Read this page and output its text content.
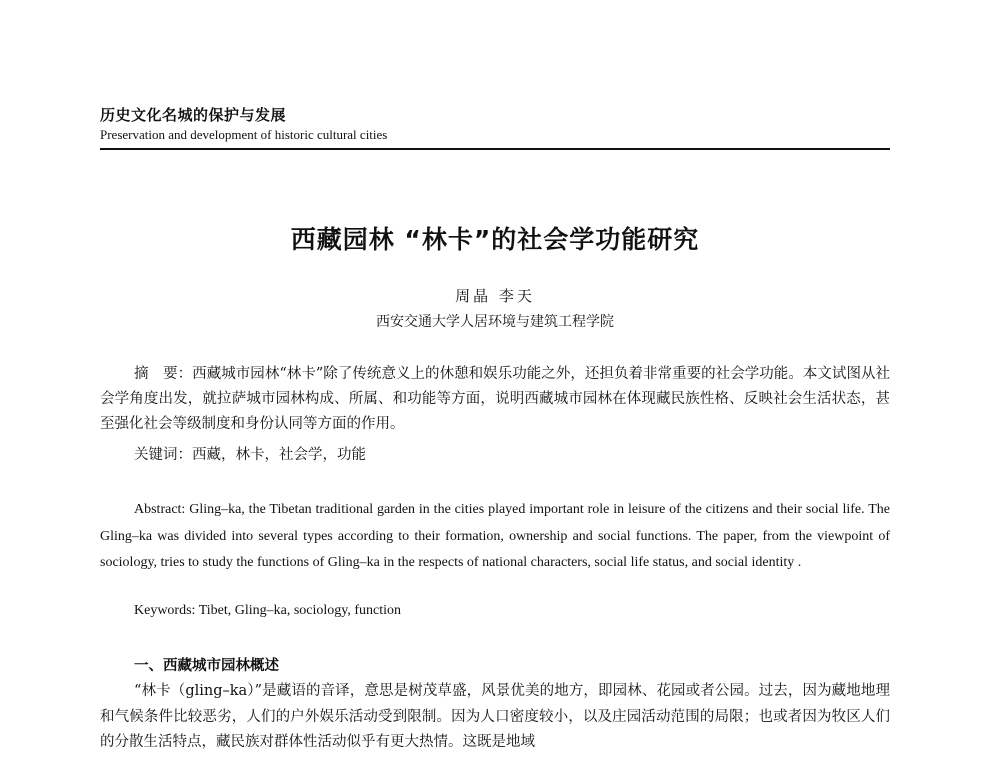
历史文化名城的保护与发展
Preservation and development of historic cultural cities
西藏园林 “林卡”的社会学功能研究
周晶 李天
西安交通大学人居环境与建筑工程学院
摘　要：西藏城市园林“林卡”除了传统意义上的休憩和娱乐功能之外，还担负着非常重要的社会学功能。本文试图从社会学角度出发，就拉萨城市园林构成、所属、和功能等方面，说明西藏城市园林在体现藏民族性格、反映社会生活状态，甚至强化社会等级制度和身份认同等方面的作用。
关键词：西藏，林卡，社会学，功能
Abstract: Gling–ka, the Tibetan traditional garden in the cities played important role in leisure of the citizens and their social life. The Gling–ka was divided into several types according to their formation, ownership and social functions. The paper, from the viewpoint of sociology, tries to study the functions of Gling–ka in the respects of national characters, social life status, and social identity .
Keywords: Tibet, Gling–ka, sociology, function
一、西藏城市园林概述
“林卡（gling–ka）”是藏语的音译，意思是树茂草盛，风景优美的地方，即园林、花园或者公园。过去，因为藏地地理和气候条件比较恶劣，人们的户外娱乐活动受到限制。因为人口密度较小，以及庄园活动范围的局限；也或者因为牧区人们的分散生活特点，藏民族对群体性活动似乎有更大热情。这既是地域
